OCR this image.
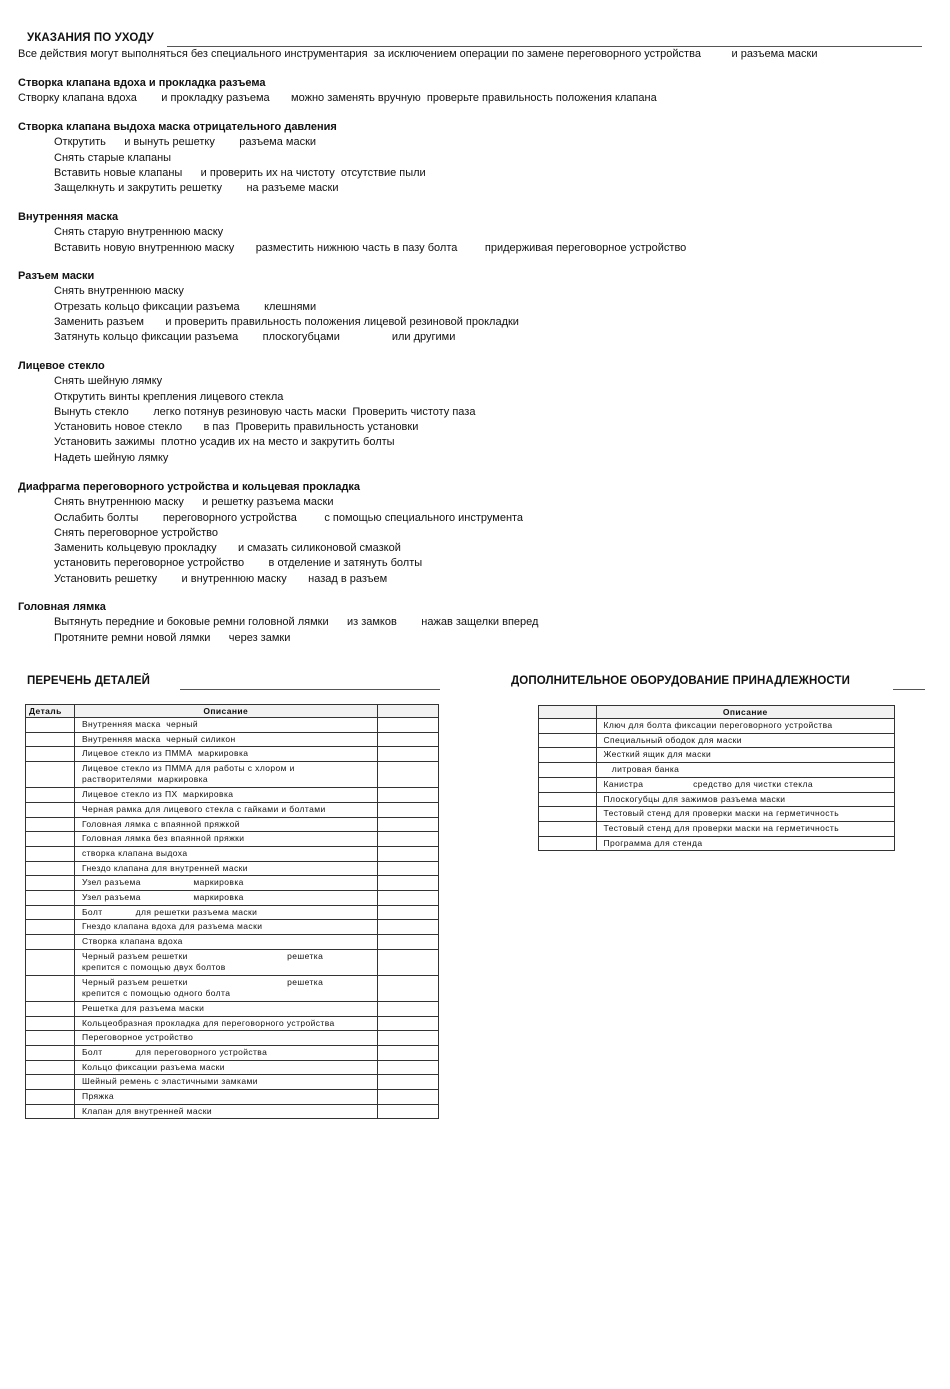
УКАЗАНИЯ ПО УХОДУ
Все действия могут выполняться без специального инструментария  за исключением операции по замене переговорного устройства          и разъема маски
Створка клапана вдоха и прокладка разъема
Створку клапана вдоха        и прокладку разъема       можно заменять вручную  проверьте правильность положения клапана
Створка клапана выдоха маска отрицательного давления
Открутить      и вынуть решетку        разъема маски
Снять старые клапаны
Вставить новые клапаны      и проверить их на чистоту  отсутствие пыли
Защелкнуть и закрутить решетку        на разъеме маски
Внутренняя маска
Снять старую внутреннюю маску
Вставить новую внутреннюю маску       разместить нижнюю часть в пазу болта         придерживая переговорное устройство
Разъем маски
Снять внутреннюю маску
Отрезать кольцо фиксации разъема        клешнями
Заменить разъем       и проверить правильность положения лицевой резиновой прокладки
Затянуть кольцо фиксации разъема        плоскогубцами                 или другими
Лицевое стекло
Снять шейную лямку
Открутить винты крепления лицевого стекла
Вынуть стекло        легко потянув резиновую часть маски  Проверить чистоту паза
Установить новое стекло       в паз  Проверить правильность установки
Установить зажимы  плотно усадив их на место и закрутить болты
Надеть шейную лямку
Диафрагма переговорного устройства и кольцевая прокладка
Снять внутреннюю маску      и решетку разъема маски
Ослабить болты        переговорного устройства         с помощью специального инструмента
Снять переговорное устройство
Заменить кольцевую прокладку       и смазать силиконовой смазкой
установить переговорное устройство        в отделение и затянуть болты
Установить решетку        и внутреннюю маску       назад в разъем
Головная лямка
Вытянуть передние и боковые ремни головной лямки      из замков        нажав защелки вперед
Протяните ремни новой лямки      через замки
ПЕРЕЧЕНЬ ДЕТАЛЕЙ
Деталь	Описание	
	Внутренняя маска  черный	
	Внутренняя маска  черный силикон	
	Лицевое стекло из ПММА  маркировка	
	Лицевое стекло из ПММА для работы с хлором и
растворителями  маркировка	
	Лицевое стекло из ПХ  маркировка	
	Черная рамка для лицевого стекла с гайками и болтами	
	Головная лямка с впаянной пряжкой	
	Головная лямка без впаянной пряжки	
	створка клапана выдоха	
	Гнездо клапана для внутренней маски	
	Узел разъема                   маркировка	
	Узел разъема                   маркировка	
	Болт            для решетки разъема маски	
	Гнездо клапана вдоха для разъема маски	
	Створка клапана вдоха	
	Черный разъем решетки                                    решетка
крепится с помощью двух болтов	
	Черный разъем решетки                                    решетка
крепится с помощью одного болта	
	Решетка для разъема маски	
	Кольцеобразная прокладка для переговорного устройства	
	Переговорное устройство	
	Болт            для переговорного устройства	
	Кольцо фиксации разъема маски	
	Шейный ремень с эластичными замками	
	Пряжка	
	Клапан для внутренней маски	
ДОПОЛНИТЕЛЬНОЕ ОБОРУДОВАНИЕ ПРИНАДЛЕЖНОСТИ
	Описание
	Ключ для болта фиксации переговорного устройства
	Специальный ободок для маски
	Жесткий ящик для маски
	литровая банка
	Канистра                  средство для чистки стекла
	Плоскогубцы для зажимов разъема маски
	Тестовый стенд для проверки маски на герметичность
	Тестовый стенд для проверки маски на герметичность
	Программа для стенда
